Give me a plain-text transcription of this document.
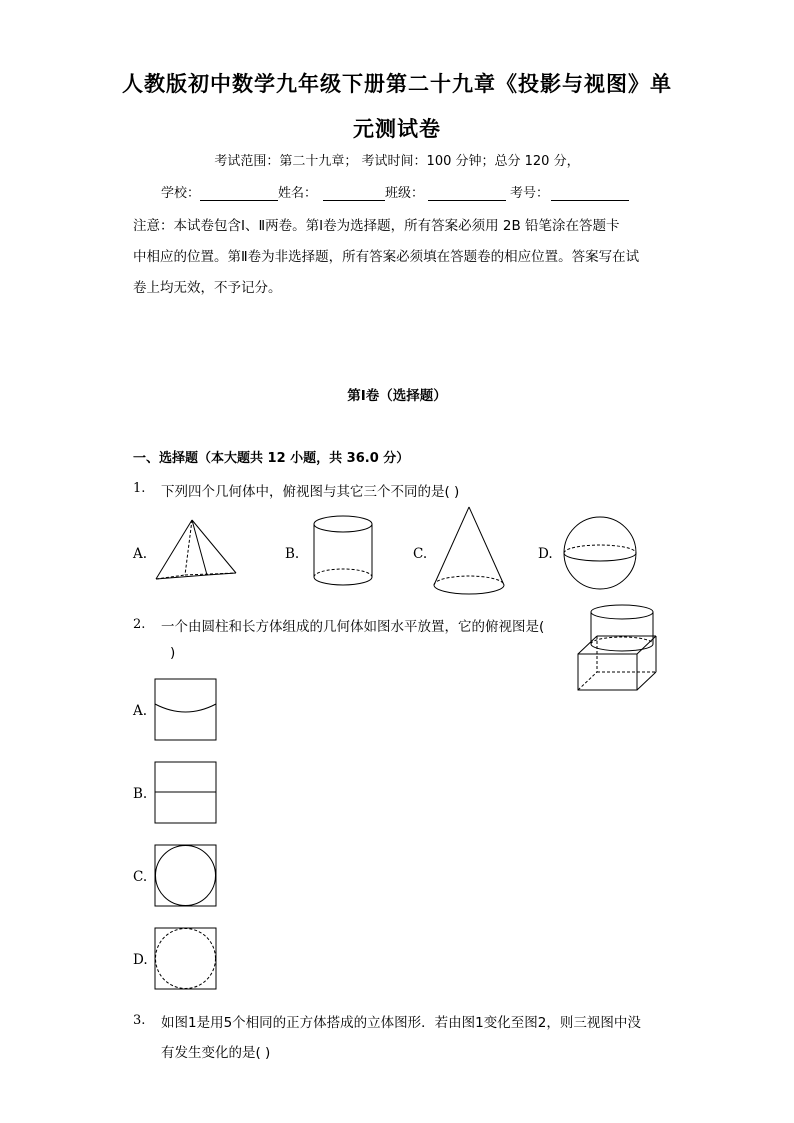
人教版初中数学九年级下册第二十九章《投影与视图》单
元测试卷
考试范围：第二十九章； 考试时间：100 分钟；总分 120 分，
学校：	姓名：	班级：	考号：
注意：本试卷包含Ⅰ、Ⅱ两卷。第Ⅰ卷为选择题，所有答案必须用 2B 铅笔涂在答题卡
中相应的位置。第Ⅱ卷为非选择题，所有答案必须填在答题卷的相应位置。答案写在试
卷上均无效，不予记分。
第Ⅰ卷（选择题）
一、选择题（本大题共 12 小题，共 36.0 分）
1. 下列四个几何体中，俯视图与其它三个不同的是( )
A.	B.	C.	D.
2. 一个由圆柱和长方体组成的几何体如图水平放置，它的俯视图是(
)
A.
B.
C.
D.
3. 如图1是用5个相同的正方体搭成的立体图形．若由图1变化至图2，则三视图中没
有发生变化的是( )
